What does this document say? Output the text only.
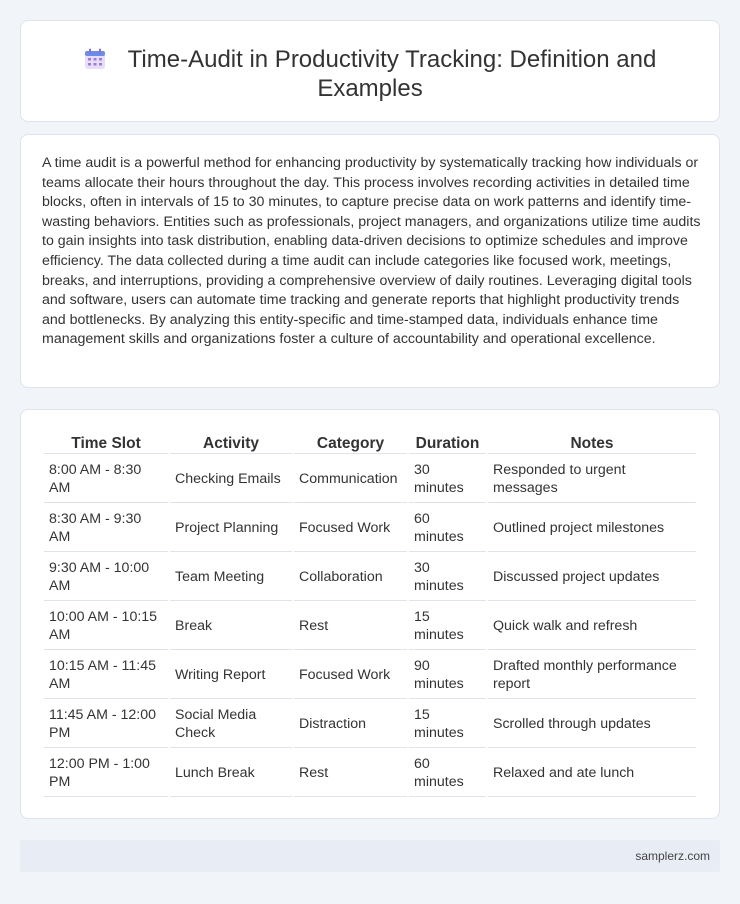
Time-Audit in Productivity Tracking: Definition and Examples

A time audit is a powerful method for enhancing productivity by systematically tracking how individuals or teams allocate their hours throughout the day. This process involves recording activities in detailed time blocks, often in intervals of 15 to 30 minutes, to capture precise data on work patterns and identify time-wasting behaviors. Entities such as professionals, project managers, and organizations utilize time audits to gain insights into task distribution, enabling data-driven decisions to optimize schedules and improve efficiency. The data collected during a time audit can include categories like focused work, meetings, breaks, and interruptions, providing a comprehensive overview of daily routines. Leveraging digital tools and software, users can automate time tracking and generate reports that highlight productivity trends and bottlenecks. By analyzing this entity-specific and time-stamped data, individuals enhance time management skills and organizations foster a culture of accountability and operational excellence.

Time Slot	Activity	Category	Duration	Notes
8:00 AM - 8:30 AM	Checking Emails	Communication	30 minutes	Responded to urgent messages
8:30 AM - 9:30 AM	Project Planning	Focused Work	60 minutes	Outlined project milestones
9:30 AM - 10:00 AM	Team Meeting	Collaboration	30 minutes	Discussed project updates
10:00 AM - 10:15 AM	Break	Rest	15 minutes	Quick walk and refresh
10:15 AM - 11:45 AM	Writing Report	Focused Work	90 minutes	Drafted monthly performance report
11:45 AM - 12:00 PM	Social Media Check	Distraction	15 minutes	Scrolled through updates
12:00 PM - 1:00 PM	Lunch Break	Rest	60 minutes	Relaxed and ate lunch
samplerz.com
